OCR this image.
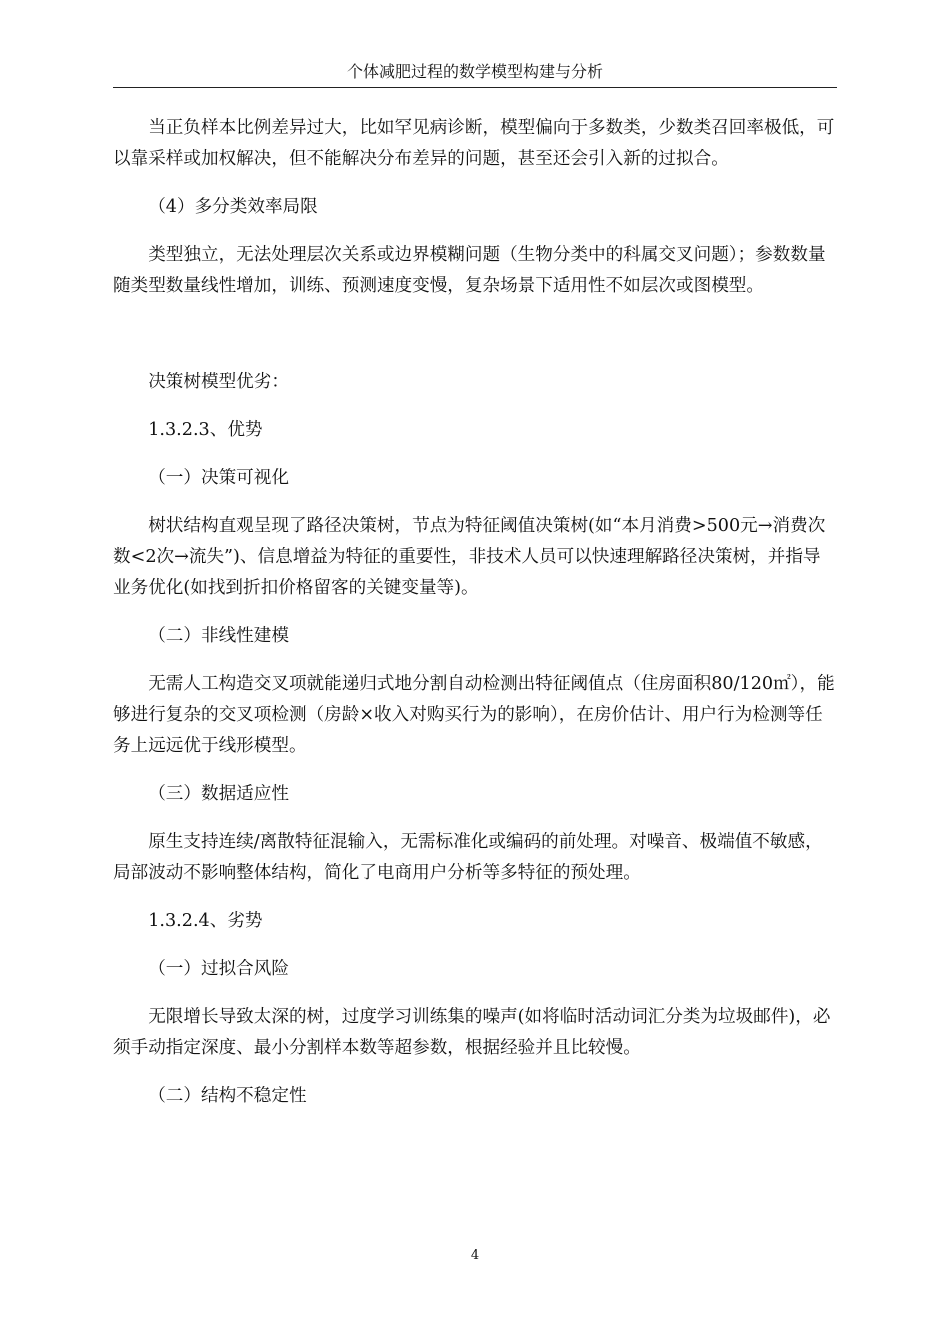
个体减肥过程的数学模型构建与分析

当正负样本比例差异过大，比如罕见病诊断，模型偏向于多数类，少数类召回率极低，可以靠采样或加权解决，但不能解决分布差异的问题，甚至还会引入新的过拟合。

（4）多分类效率局限

类型独立，无法处理层次关系或边界模糊问题（生物分类中的科属交叉问题）；参数数量随类型数量线性增加，训练、预测速度变慢，复杂场景下适用性不如层次或图模型。

决策树模型优劣：

1.3.2.3、优势

（一）决策可视化

树状结构直观呈现了路径决策树，节点为特征阈值决策树(如“本月消费>500元→消费次数<2次→流失”)、信息增益为特征的重要性，非技术人员可以快速理解路径决策树，并指导业务优化(如找到折扣价格留客的关键变量等)。

（二）非线性建模

无需人工构造交叉项就能递归式地分割自动检测出特征阈值点（住房面积80/120㎡），能够进行复杂的交叉项检测（房龄×收入对购买行为的影响），在房价估计、用户行为检测等任务上远远优于线形模型。

（三）数据适应性

原生支持连续/离散特征混输入，无需标准化或编码的前处理。对噪音、极端值不敏感，局部波动不影响整体结构，简化了电商用户分析等多特征的预处理。

1.3.2.4、劣势

（一）过拟合风险

无限增长导致太深的树，过度学习训练集的噪声(如将临时活动词汇分类为垃圾邮件)，必须手动指定深度、最小分割样本数等超参数，根据经验并且比较慢。

（二）结构不稳定性

4
